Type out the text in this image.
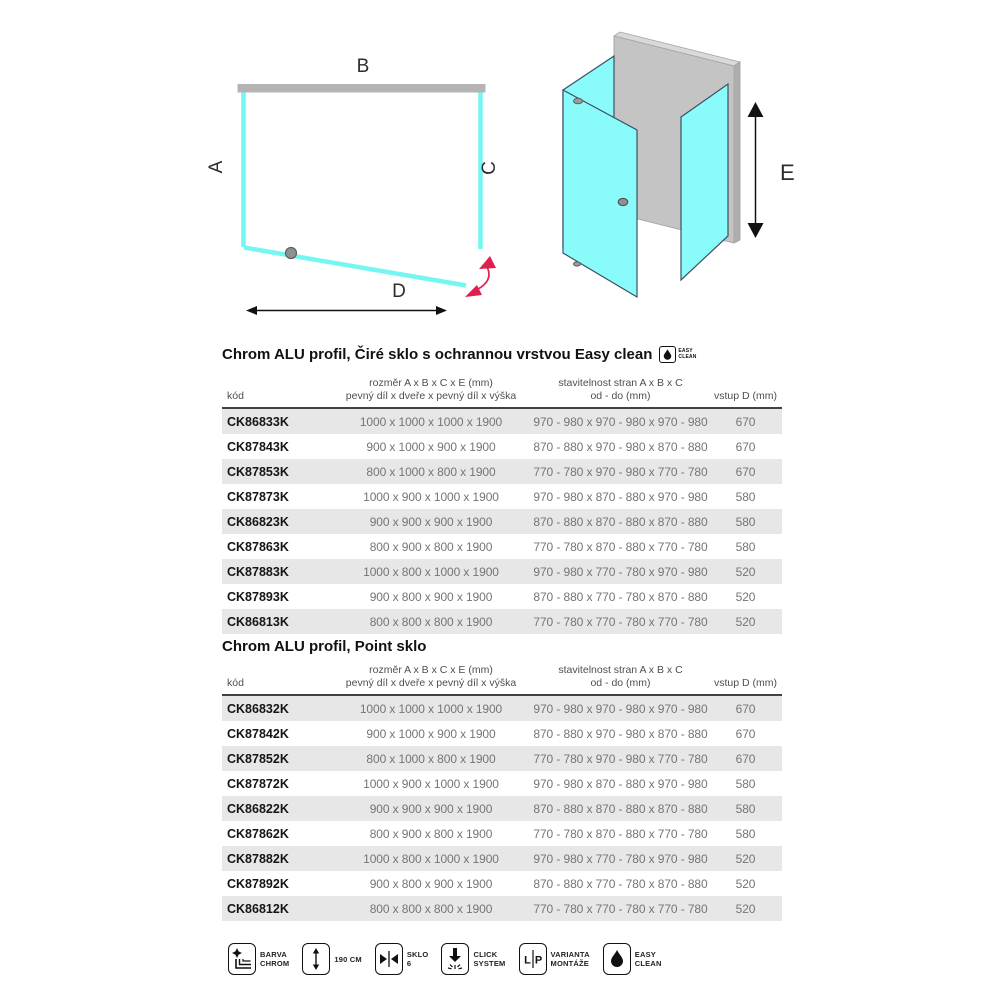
B
A	C
D
E
Chrom ALU profil, Čiré sklo s ochrannou vrstvou Easy clean	EASY
CLEAN
kód
rozměr A x B x C x E (mm)
pevný díl x dveře x pevný díl x výška
stavitelnost stran A x B x C
od - do (mm)	vstup D (mm)
CK86833K	1000 x 1000 x 1000 x 1900	970 - 980 x 970 - 980 x 970 - 980	670
CK87843K	900 x 1000 x 900 x 1900	870 - 880 x 970 - 980 x 870 - 880	670
CK87853K	800 x 1000 x 800 x 1900	770 - 780 x 970 - 980 x 770 - 780	670
CK87873K	1000 x 900 x 1000 x 1900	970 - 980 x 870 - 880 x 970 - 980	580
CK86823K	900 x 900 x 900 x 1900	870 - 880 x 870 - 880 x 870 - 880	580
CK87863K	800 x 900 x 800 x 1900	770 - 780 x 870 - 880 x 770 - 780	580
CK87883K	1000 x 800 x 1000 x 1900	970 - 980 x 770 - 780 x 970 - 980	520
CK87893K	900 x 800 x 900 x 1900	870 - 880 x 770 - 780 x 870 - 880	520
CK86813K	800 x 800 x 800 x 1900	770 - 780 x 770 - 780 x 770 - 780	520
Chrom ALU profil, Point sklo
kód
rozměr A x B x C x E (mm)
pevný díl x dveře x pevný díl x výška
stavitelnost stran A x B x C
od - do (mm)	vstup D (mm)
CK86832K	1000 x 1000 x 1000 x 1900	970 - 980 x 970 - 980 x 970 - 980	670
CK87842K	900 x 1000 x 900 x 1900	870 - 880 x 970 - 980 x 870 - 880	670
CK87852K	800 x 1000 x 800 x 1900	770 - 780 x 970 - 980 x 770 - 780	670
CK87872K	1000 x 900 x 1000 x 1900	970 - 980 x 870 - 880 x 970 - 980	580
CK86822K	900 x 900 x 900 x 1900	870 - 880 x 870 - 880 x 870 - 880	580
CK87862K	800 x 900 x 800 x 1900	770 - 780 x 870 - 880 x 770 - 780	580
CK87882K	1000 x 800 x 1000 x 1900	970 - 980 x 770 - 780 x 970 - 980	520
CK87892K	900 x 800 x 900 x 1900	870 - 880 x 770 - 780 x 870 - 880	520
CK86812K	800 x 800 x 800 x 1900	770 - 780 x 770 - 780 x 770 - 780	520
BARVA
CHROM	190 CM	SKLO
6
CLICK
SYSTEM L P VARIANTA
MONTÁŽE
EASY
CLEAN
